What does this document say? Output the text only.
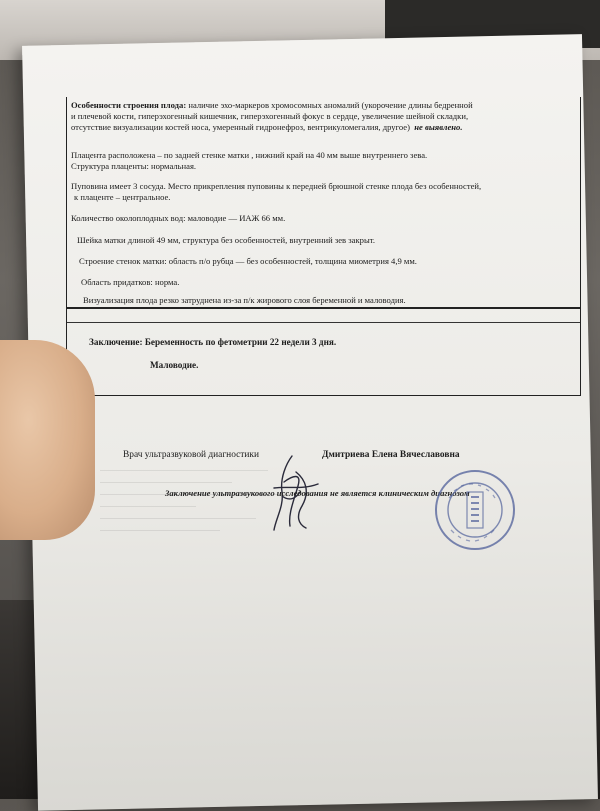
Особенности строения плода: наличие эхо-маркеров хромосомных аномалий (укорочение длины бедренной

и плечевой кости, гиперэхогенный кишечник, гиперэхогенный фокус в сердце, увеличение шейной складки,

отсутствие визуализации костей носа, умеренный гидронефроз, вентрикуломегалия, другое) не выявлено.

Плацента расположена – по задней стенке матки , нижний край на 40 мм выше внутреннего зева.

Структура плаценты: нормальная.

Пуповина имеет 3 сосуда. Место прикрепления пуповины к передней брюшной стенке плода без особенностей,

к плаценте – центральное.

Количество околоплодных вод: маловодие — ИАЖ 66 мм.

Шейка матки длиной 49 мм, структура без особенностей, внутренний зев закрыт.

Строение стенок матки: область п/о рубца — без особенностей, толщина миометрия 4,9 мм.

Область придатков: норма.

Визуализация плода резко затруднена из-за п/к жирового слоя беременной и маловодия.

Заключение: Беременность по фетометрии 22 недели 3 дня.
Маловодие.
Врач ультразвуковой диагностики	Дмитриева Елена Вячеславовна
Заключение ультразвукового исследования не является клиническим диагнозом
